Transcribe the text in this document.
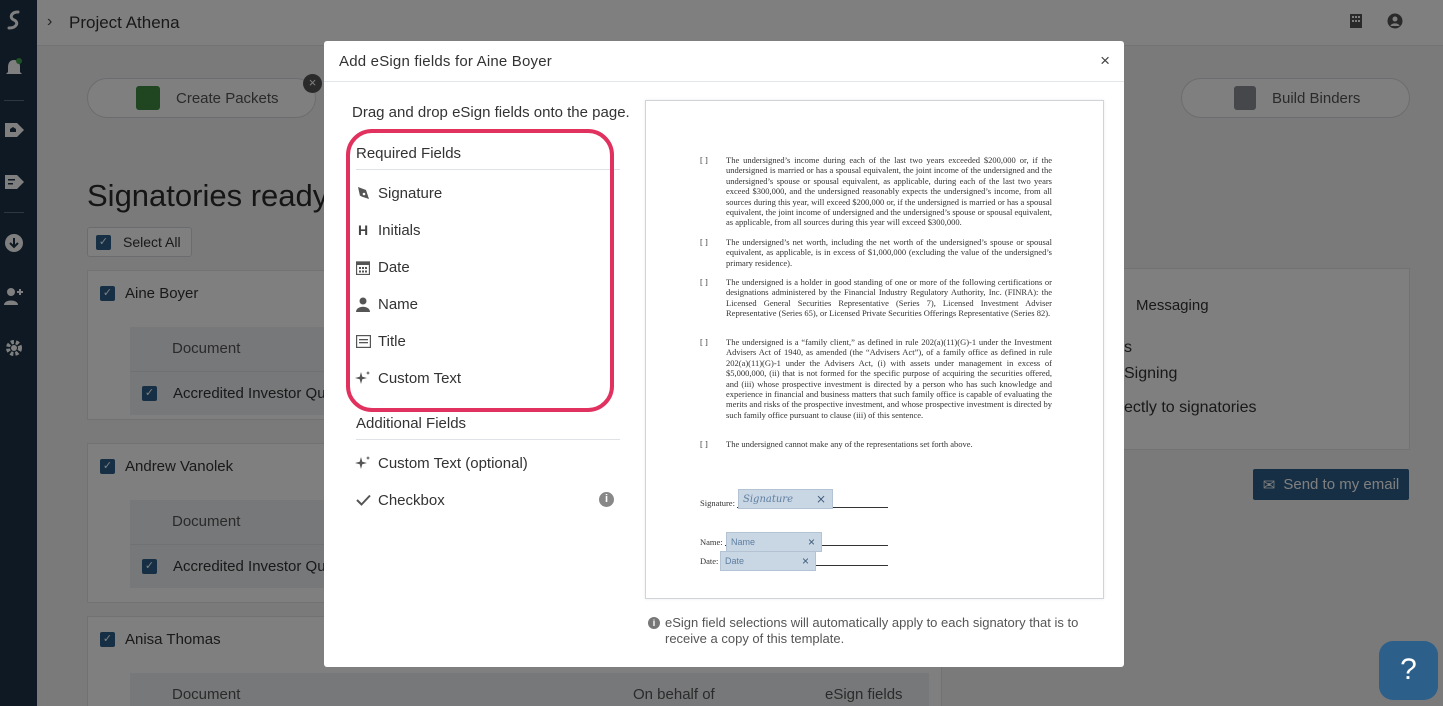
Add eSign fields for Aine Boyer	×
Drag and drop eSign fields onto the page.
Required Fields
Signature
H Initials
Date
Name
Title
Custom Text
Additional Fields
Custom Text (optional)
Checkbox	i
[ ] The undersigned’s income during each of the last two years exceeded $200,000 or, if the undersigned is married or has a spousal equivalent, the joint income of the undersigned and the undersigned’s spouse or spousal equivalent, as applicable, during each of the last two years exceed $300,000, and the undersigned reasonably expects the undersigned’s income, from all sources during this year, will exceed $200,000 or, if the undersigned is married or has a spousal equivalent, the joint income of undersigned and the undersigned’s spouse or spousal equivalent, as applicable, from all sources during this year will exceed $300,000.
[ ] The undersigned’s net worth, including the net worth of the undersigned’s spouse or spousal equivalent, as applicable, is in excess of $1,000,000 (excluding the value of the undersigned’s primary residence).
[ ] The undersigned is a holder in good standing of one or more of the following certifications or designations administered by the Financial Industry Regulatory Authority, Inc. (FINRA): the Licensed General Securities Representative (Series 7), Licensed Investment Adviser Representative (Series 65), or Licensed Private Securities Offerings Representative (Series 82).
[ ] The undersigned is a “family client,” as defined in rule 202(a)(11)(G)-1 under the Investment Advisers Act of 1940, as amended (the “Advisers Act”), of a family office as defined in rule 202(a)(11)(G)-1 under the Advisers Act, (i) with assets under management in excess of $5,000,000, (ii) that is not formed for the specific purpose of acquiring the securities offered, and (iii) whose prospective investment is directed by a person who has such knowledge and experience in financial and business matters that such family office is capable of evaluating the merits and risks of the prospective investment, and whose prospective investment is directed by such family office pursuant to clause (iii) of this sentence.
[ ] The undersigned cannot make any of the representations set forth above.
Signature: Signature ×
Name: Name	×
Date: Date	×
i eSign field selections will automatically apply to each signatory that is to receive a copy of this template.
?
